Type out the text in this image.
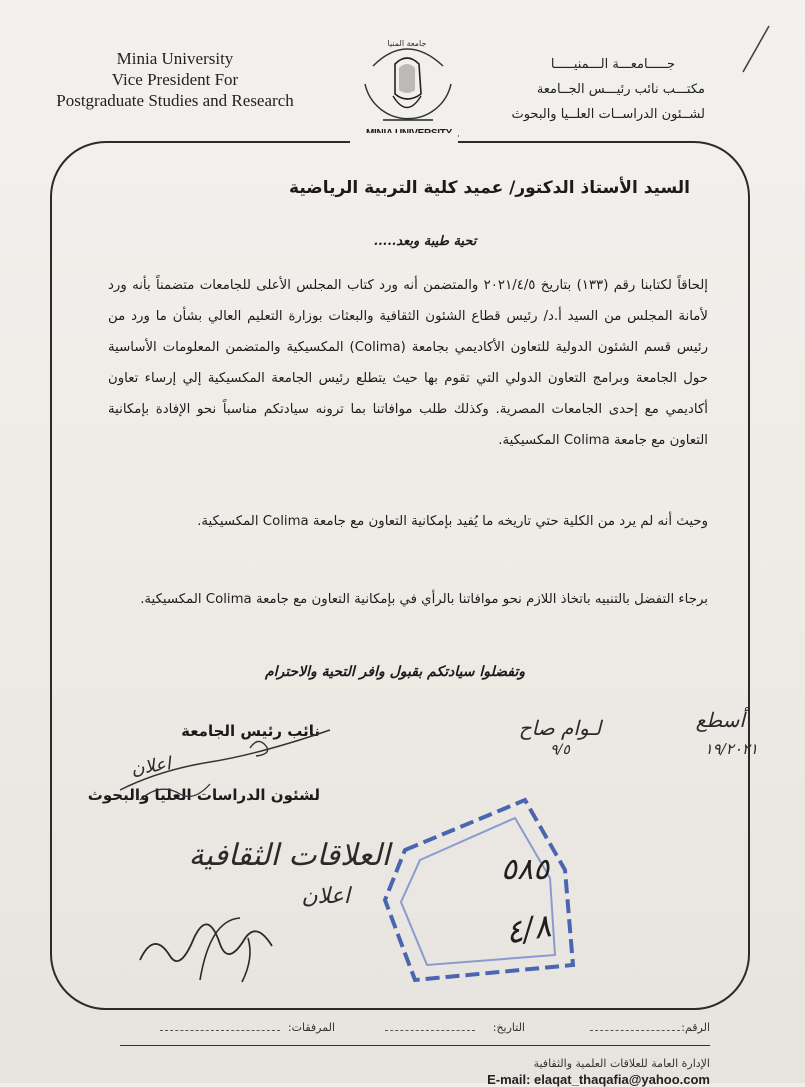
Minia University
Vice President For
Postgraduate Studies and Research
جامعة المنيا
جـــــامعـــة الـــمنيـــــا
مكتـــب نائب رئيـــس الجــامعة
لشــئون الدراســات العلــيا والبحوث
السيد الأستاذ الدكتور/ عميد كلية التربية الرياضية
تحية طيبة وبعد.....
إلحاقاً لكتابنا رقم (١٣٣) بتاريخ ٢٠٢١/٤/٥ والمتضمن أنه ورد كتاب المجلس الأعلى للجامعات متضمناً بأنه ورد لأمانة المجلس من السيد أ.د/ رئيس قطاع الشئون الثقافية والبعثات بوزارة التعليم العالي بشأن ما ورد من رئيس قسم الشئون الدولية للتعاون الأكاديمي بجامعة (Colima) المكسيكية والمتضمن المعلومات الأساسية حول الجامعة وبرامج التعاون الدولي التي تقوم بها حيث يتطلع رئيس الجامعة المكسيكية إلي إرساء تعاون أكاديمي مع إحدى الجامعات المصرية. وكذلك طلب موافاتنا بما ترونه سيادتكم مناسباً نحو الإفادة بإمكانية التعاون مع جامعة Colima المكسيكية.
وحيث أنه لم يرد من الكلية حتي تاريخه ما يُفيد بإمكانية التعاون مع جامعة Colima المكسيكية.
برجاء التفضل بالتنبيه باتخاذ اللازم نحو موافاتنا بالرأي في بإمكانية التعاون مع جامعة Colima المكسيكية.
وتفضلوا سيادتكم بقبول وافر التحية والاحترام
أسطع
١٩/٢٠٢١
لـوام صاح
٩/٥
نائب رئيس الجامعة
لشئون الدراسات العليا والبحوث
اعلان
العلاقات الثقافية
اعلان
٥٨٥
٤/٨
الرقم:
التاريخ:
المرفقات:
الإدارة العامة للعلاقات العلمية والثقافية
E-mail: elaqat_thaqafia@yahoo.com
